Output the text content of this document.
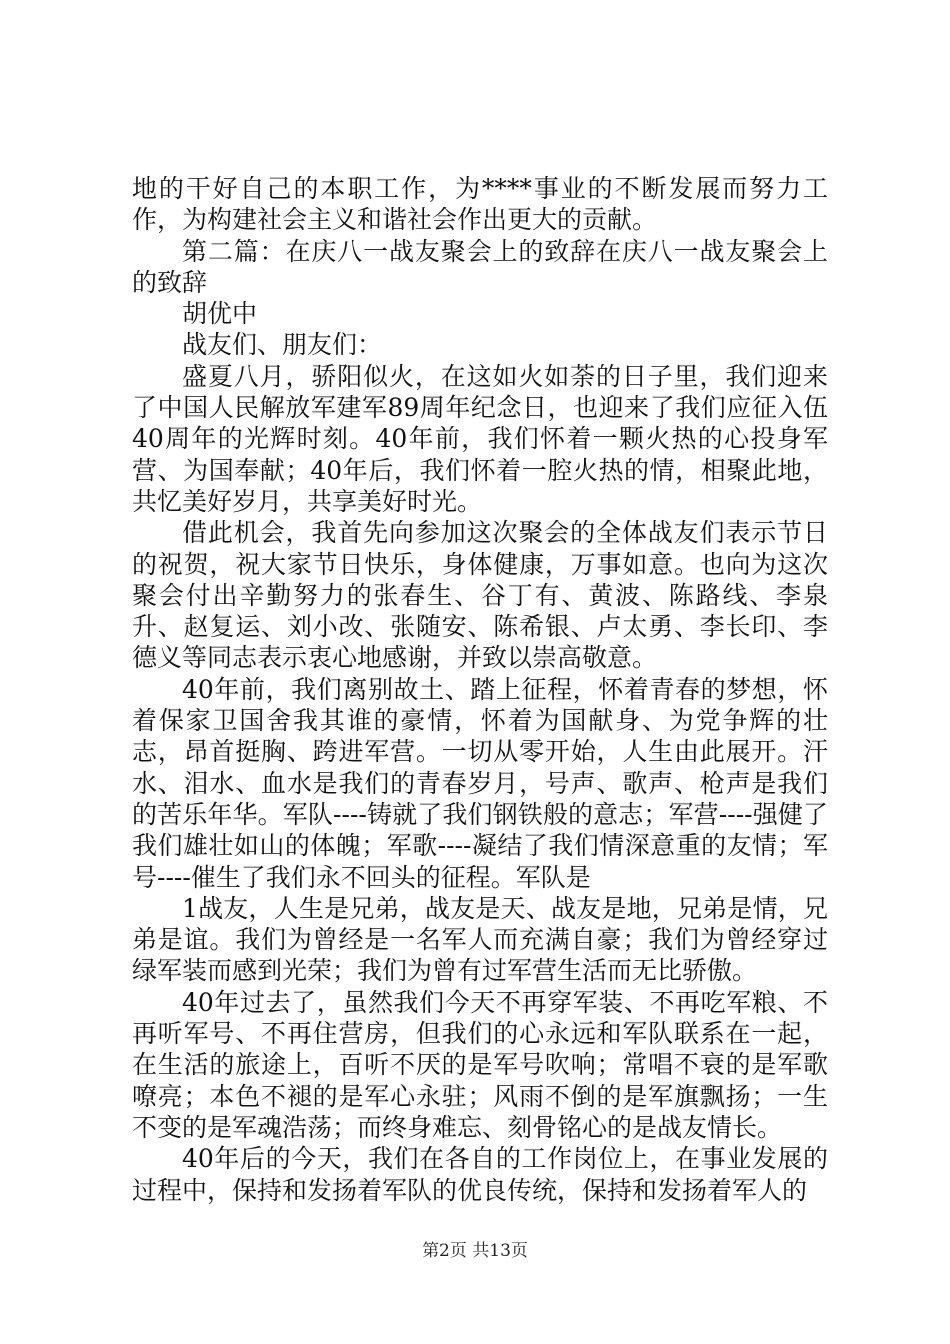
地的干好自己的本职工作，为****事业的不断发展而努力工作，为构建社会主义和谐社会作出更大的贡献。

第二篇：在庆八一战友聚会上的致辞在庆八一战友聚会上的致辞

胡优中

战友们、朋友们：

盛夏八月，骄阳似火，在这如火如荼的日子里，我们迎来了中国人民解放军建军89周年纪念日，也迎来了我们应征入伍40周年的光辉时刻。40年前，我们怀着一颗火热的心投身军营、为国奉献；40年后，我们怀着一腔火热的情，相聚此地，共忆美好岁月，共享美好时光。

借此机会，我首先向参加这次聚会的全体战友们表示节日的祝贺，祝大家节日快乐，身体健康，万事如意。也向为这次聚会付出辛勤努力的张春生、谷丁有、黄波、陈路线、李泉升、赵复运、刘小改、张随安、陈希银、卢太勇、李长印、李德义等同志表示衷心地感谢，并致以崇高敬意。

40年前，我们离别故土、踏上征程，怀着青春的梦想，怀着保家卫国舍我其谁的豪情，怀着为国献身、为党争辉的壮志，昂首挺胸、跨进军营。一切从零开始，人生由此展开。汗水、泪水、血水是我们的青春岁月，号声、歌声、枪声是我们的苦乐年华。军队----铸就了我们钢铁般的意志；军营----强健了我们雄壮如山的体魄；军歌----凝结了我们情深意重的友情；军号----催生了我们永不回头的征程。军队是

1战友，人生是兄弟，战友是天、战友是地，兄弟是情，兄弟是谊。我们为曾经是一名军人而充满自豪；我们为曾经穿过绿军装而感到光荣；我们为曾有过军营生活而无比骄傲。

40年过去了，虽然我们今天不再穿军装、不再吃军粮、不再听军号、不再住营房，但我们的心永远和军队联系在一起，在生活的旅途上，百听不厌的是军号吹响；常唱不衰的是军歌嘹亮；本色不褪的是军心永驻；风雨不倒的是军旗飘扬；一生不变的是军魂浩荡；而终身难忘、刻骨铭心的是战友情长。

40年后的今天，我们在各自的工作岗位上，在事业发展的过程中，保持和发扬着军队的优良传统，保持和发扬着军人的

第2页 共13页
